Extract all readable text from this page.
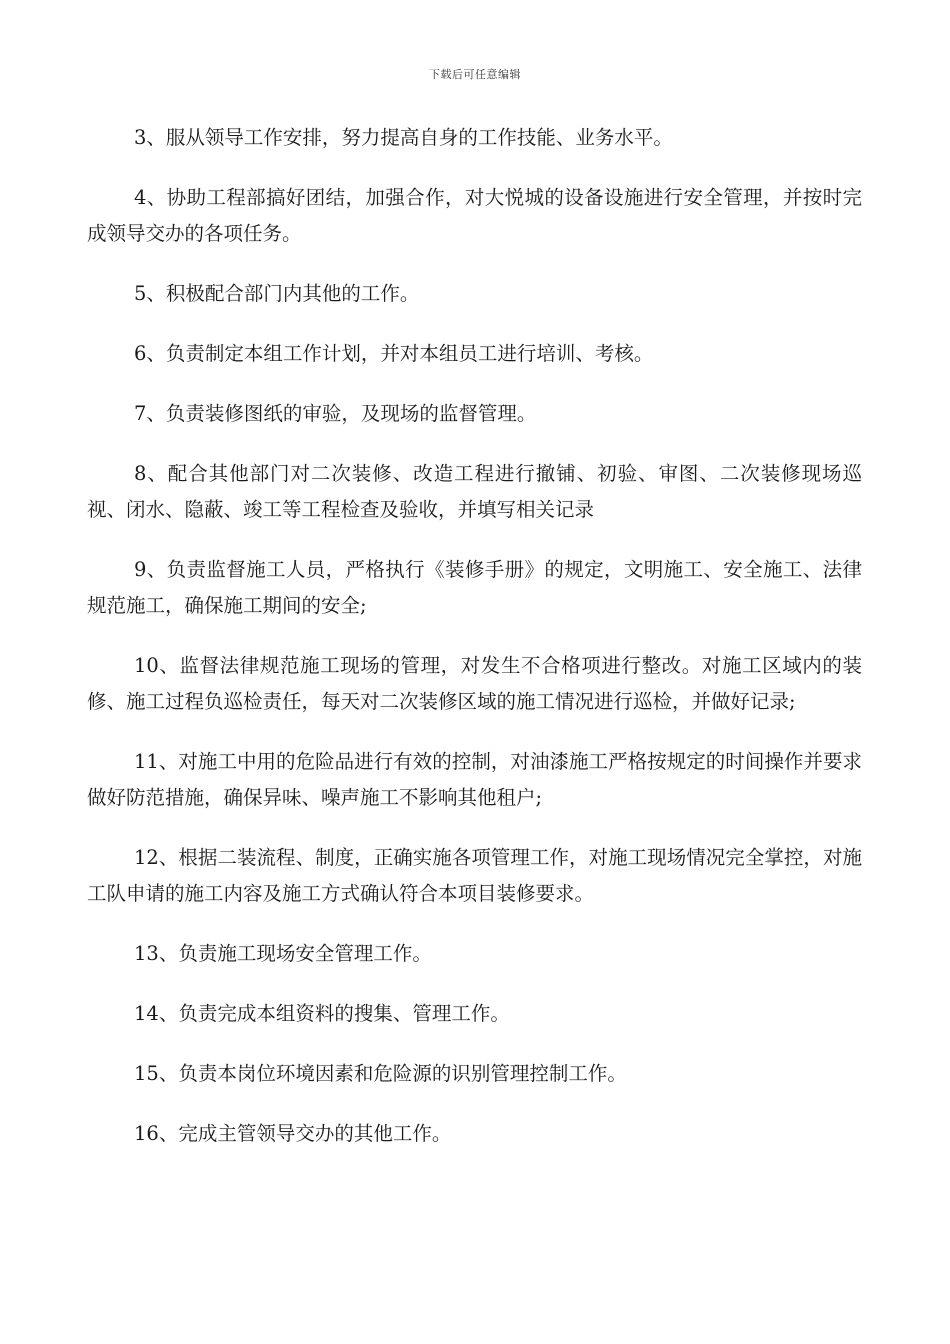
下载后可任意编辑

3、服从领导工作安排，努力提高自身的工作技能、业务水平。

4、协助工程部搞好团结，加强合作，对大悦城的设备设施进行安全管理，并按时完成领导交办的各项任务。

5、积极配合部门内其他的工作。

6、负责制定本组工作计划，并对本组员工进行培训、考核。

7、负责装修图纸的审验，及现场的监督管理。

8、配合其他部门对二次装修、改造工程进行撤铺、初验、审图、二次装修现场巡视、闭水、隐蔽、竣工等工程检查及验收，并填写相关记录

9、负责监督施工人员，严格执行《装修手册》的规定，文明施工、安全施工、法律规范施工，确保施工期间的安全;

10、监督法律规范施工现场的管理，对发生不合格项进行整改。对施工区域内的装修、施工过程负巡检责任，每天对二次装修区域的施工情况进行巡检，并做好记录;

11、对施工中用的危险品进行有效的控制，对油漆施工严格按规定的时间操作并要求做好防范措施，确保异味、噪声施工不影响其他租户;

12、根据二装流程、制度，正确实施各项管理工作，对施工现场情况完全掌控，对施工队申请的施工内容及施工方式确认符合本项目装修要求。

13、负责施工现场安全管理工作。

14、负责完成本组资料的搜集、管理工作。

15、负责本岗位环境因素和危险源的识别管理控制工作。

16、完成主管领导交办的其他工作。
